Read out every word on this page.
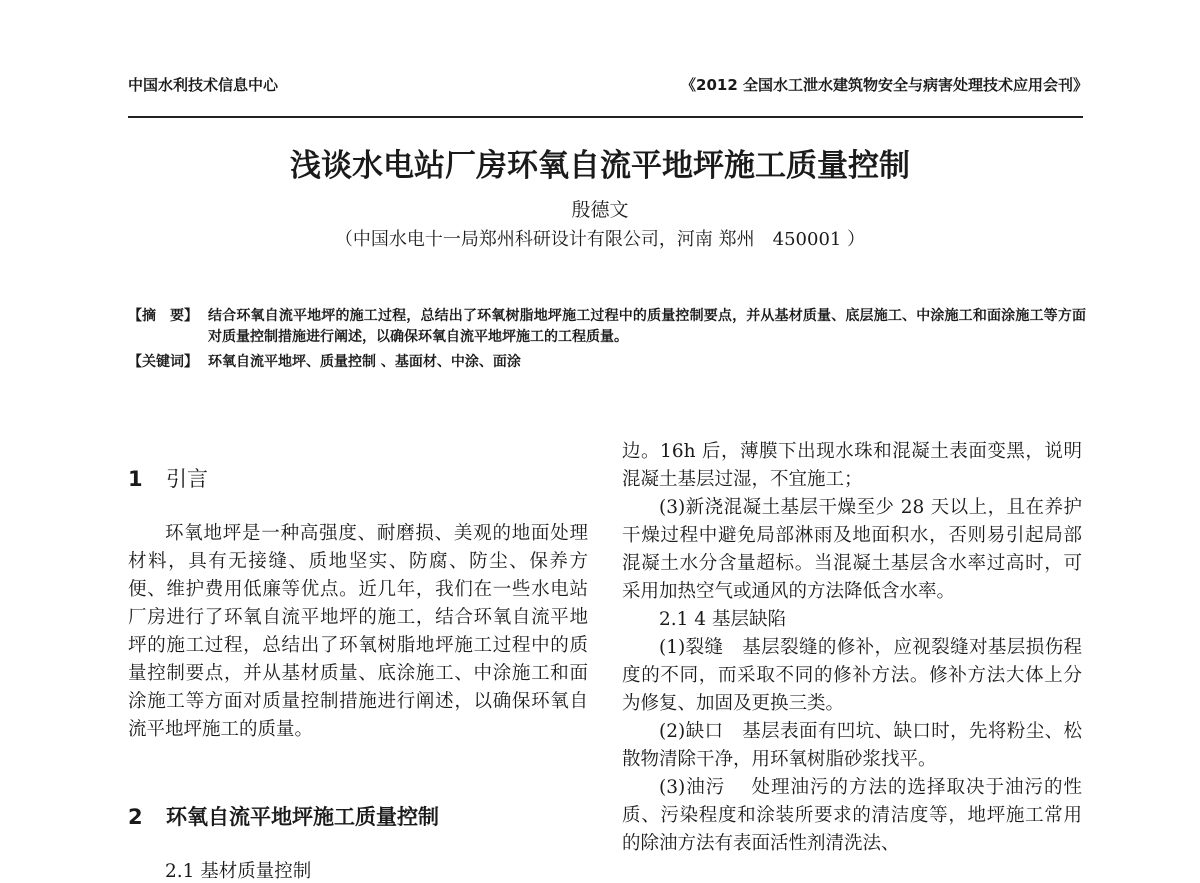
中国水利技术信息中心	《2012 全国水工泄水建筑物安全与病害处理技术应用会刊》
浅谈水电站厂房环氧自流平地坪施工质量控制
殷德文
（中国水电十一局郑州科研设计有限公司，河南 郑州　450001 ）
【摘　要】 结合环氧自流平地坪的施工过程，总结出了环氧树脂地坪施工过程中的质量控制要点，并从基材质量、底层施工、中涂施工和面涂施工等方面对质量控制措施进行阐述，以确保环氧自流平地坪施工的工程质量。
【关键词】 环氧自流平地坪、质量控制 、基面材、中涂、面涂
1 引言

环氧地坪是一种高强度、耐磨损、美观的地面处理材料，具有无接缝、质地坚实、防腐、防尘、保养方便、维护费用低廉等优点。近几年，我们在一些水电站厂房进行了环氧自流平地坪的施工，结合环氧自流平地坪的施工过程，总结出了环氧树脂地坪施工过程中的质量控制要点，并从基材质量、底涂施工、中涂施工和面涂施工等方面对质量控制措施进行阐述，以确保环氧自流平地坪施工的质量。

2 环氧自流平地坪施工质量控制
2.1 基材质量控制

边。16h 后，薄膜下出现水珠和混凝土表面变黑，说明混凝土基层过湿，不宜施工；

(3)新浇混凝土基层干燥至少 28 天以上，且在养护干燥过程中避免局部淋雨及地面积水，否则易引起局部混凝土水分含量超标。当混凝土基层含水率过高时，可采用加热空气或通风的方法降低含水率。

2.1 4 基层缺陷

(1)裂缝　基层裂缝的修补，应视裂缝对基层损伤程度的不同，而采取不同的修补方法。修补方法大体上分为修复、加固及更换三类。

(2)缺口　基层表面有凹坑、缺口时，先将粉尘、松散物清除干净，用环氧树脂砂浆找平。

(3)油污　 处理油污的方法的选择取决于油污的性质、污染程度和涂装所要求的清洁度等，地坪施工常用的除油方法有表面活性剂清洗法、
